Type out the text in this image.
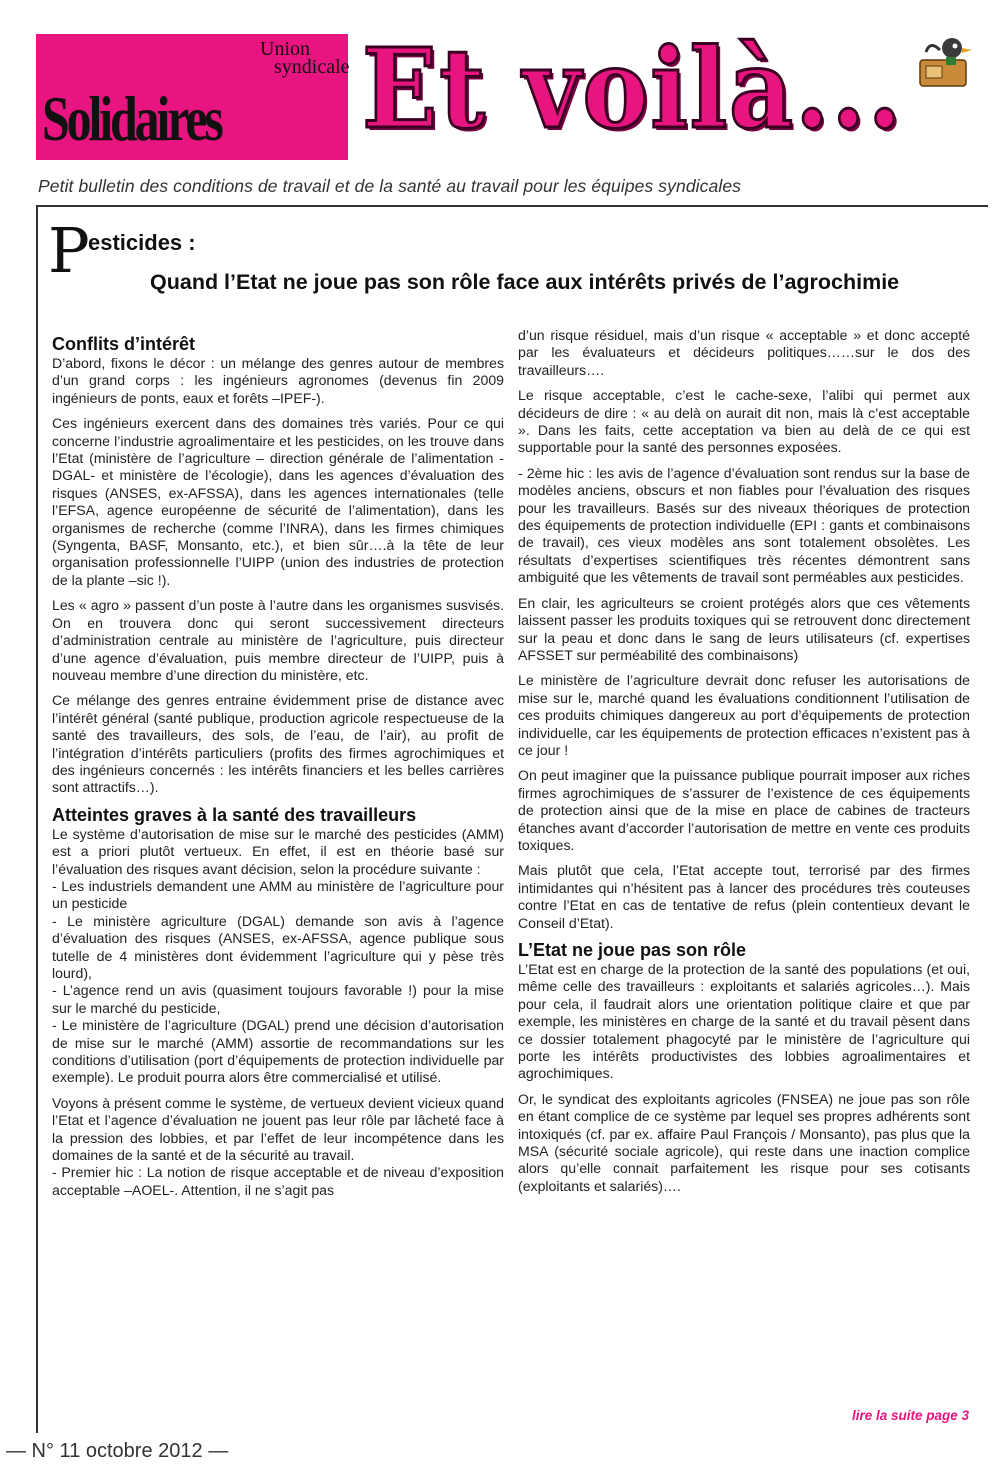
Union
syndicale
Solidaires Et voilà...
Petit bulletin des conditions de travail et de la santé au travail pour les équipes syndicales
P
esticides :
Quand l’Etat ne joue pas son rôle face aux intérêts privés de l’agrochimie
Conflits d’intérêt

D’abord, fixons le décor : un mélange des genres autour de membres d’un grand corps : les ingénieurs agronomes (devenus fin 2009 ingénieurs de ponts, eaux et forêts –IPEF-).

Ces ingénieurs exercent dans des domaines très variés. Pour ce qui concerne l’industrie agroalimentaire et les pesticides, on les trouve dans l’Etat (ministère de l’agriculture – direction générale de l’alimentation -DGAL- et ministère de l’écologie), dans les agences d’évaluation des risques (ANSES, ex-AFSSA), dans les agences internationales (telle l’EFSA, agence européenne de sécurité de l’alimentation), dans les organismes de recherche (comme l’INRA), dans les firmes chimiques (Syngenta, BASF, Monsanto, etc.), et bien sûr….à la tête de leur organisation professionnelle l’UIPP (union des industries de protection de la plante –sic !).

Les « agro » passent d’un poste à l’autre dans les organismes susvisés. On en trouvera donc qui seront successivement directeurs d’administration centrale au ministère de l’agriculture, puis directeur d’une agence d’évaluation, puis membre directeur de l’UIPP, puis à nouveau membre d’une direction du ministère, etc.

Ce mélange des genres entraine évidemment prise de distance avec l’intérêt général (santé publique, production agricole respectueuse de la santé des travailleurs, des sols, de l’eau, de l’air), au profit de l’intégration d’intérêts particuliers (profits des firmes agrochimiques et des ingénieurs concernés : les intérêts financiers et les belles carrières sont attractifs…).

Atteintes graves à la santé des travailleurs

Le système d’autorisation de mise sur le marché des pesticides (AMM) est a priori plutôt vertueux. En effet, il est en théorie basé sur l’évaluation des risques avant décision, selon la procédure suivante :
- Les industriels demandent une AMM au ministère de l’agriculture pour un pesticide
- Le ministère agriculture (DGAL) demande son avis à l’agence d’évaluation des risques (ANSES, ex-AFSSA, agence publique sous tutelle de 4 ministères dont évidemment l’agriculture qui y pèse très lourd),
- L’agence rend un avis (quasiment toujours favorable !) pour la mise sur le marché du pesticide,
- Le ministère de l’agriculture (DGAL) prend une décision d’autorisation de mise sur le marché (AMM) assortie de recommandations sur les conditions d’utilisation (port d’équipements de protection individuelle par exemple). Le produit pourra alors être commercialisé et utilisé.

Voyons à présent comme le système, de vertueux devient vicieux quand l’Etat et l’agence d’évaluation ne jouent pas leur rôle par lâcheté face à la pression des lobbies, et par l’effet de leur incompétence dans les domaines de la santé et de la sécurité au travail.
- Premier hic : La notion de risque acceptable et de niveau d’exposition acceptable –AOEL-. Attention, il ne s’agit pas

d’un risque résiduel, mais d’un risque « acceptable » et donc accepté par les évaluateurs et décideurs politiques……sur le dos des travailleurs….

Le risque acceptable, c’est le cache-sexe, l’alibi qui permet aux décideurs de dire : « au delà on aurait dit non, mais là c’est acceptable ». Dans les faits, cette acceptation va bien au delà de ce qui est supportable pour la santé des personnes exposées.

- 2ème hic : les avis de l’agence d’évaluation sont rendus sur la base de modèles anciens, obscurs et non fiables pour l’évaluation des risques pour les travailleurs. Basés sur des niveaux théoriques de protection des équipements de protection individuelle (EPI : gants et combinaisons de travail), ces vieux modèles ans sont totalement obsolètes. Les résultats d’expertises scientifiques très récentes démontrent sans ambiguité que les vêtements de travail sont perméables aux pesticides.

En clair, les agriculteurs se croient protégés alors que ces vêtements laissent passer les produits toxiques qui se retrouvent donc directement sur la peau et donc dans le sang de leurs utilisateurs (cf. expertises AFSSET sur perméabilité des combinaisons)

Le ministère de l’agriculture devrait donc refuser les autorisations de mise sur le, marché quand les évaluations conditionnent l’utilisation de ces produits chimiques dangereux au port d’équipements de protection individuelle, car les équipements de protection efficaces n’existent pas à ce jour !

On peut imaginer que la puissance publique pourrait imposer aux riches firmes agrochimiques de s’assurer de l’existence de ces équipements de protection ainsi que de la mise en place de cabines de tracteurs étanches avant d’accorder l’autorisation de mettre en vente ces produits toxiques.

Mais plutôt que cela, l’Etat accepte tout, terrorisé par des firmes intimidantes qui n’hésitent pas à lancer des procédures très couteuses contre l’Etat en cas de tentative de refus (plein contentieux devant le Conseil d’Etat).

L’Etat ne joue pas son rôle

L’Etat est en charge de la protection de la santé des populations (et oui, même celle des travailleurs : exploitants et salariés agricoles…). Mais pour cela, il faudrait alors une orientation politique claire et que par exemple, les ministères en charge de la santé et du travail pèsent dans ce dossier totalement phagocyté par le ministère de l’agriculture qui porte les intérêts productivistes des lobbies agroalimentaires et agrochimiques.

Or, le syndicat des exploitants agricoles (FNSEA) ne joue pas son rôle en étant complice de ce système par lequel ses propres adhérents sont intoxiqués (cf. par ex. affaire Paul François / Monsanto), pas plus que la MSA (sécurité sociale agricole), qui reste dans une inaction complice alors qu’elle connait parfaitement les risque pour ses cotisants (exploitants et salariés)….

lire la suite page 3
— N° 11 octobre 2012 —
